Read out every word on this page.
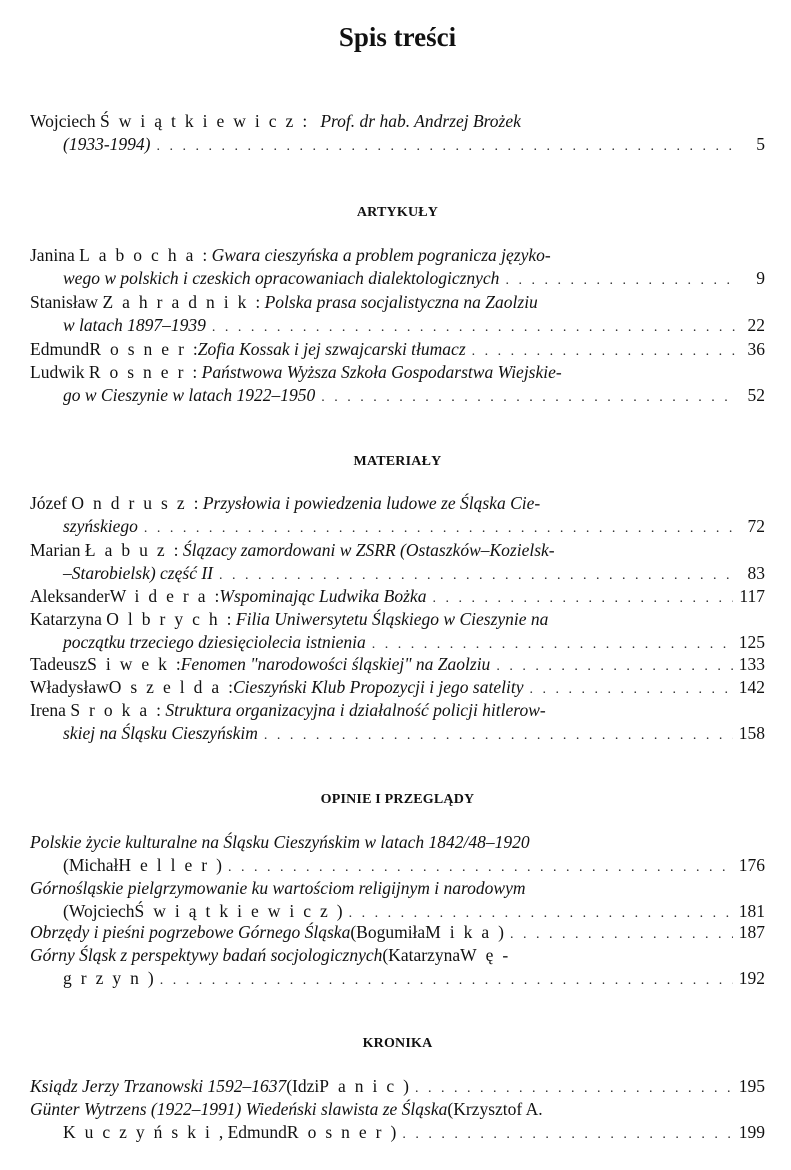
Spis treści
Wojciech Świątkiewicz:   Prof. dr hab. Andrzej Brożek
(1933-1994) . . .	5
ARTYKUŁY
Janina Labocha: Gwara cieszyńska a problem pogranicza języko-
wego w polskich i czeskich opracowaniach dialektologicznych . . .	9
Stanisław Zahradnik: Polska prasa socjalistyczna na Zaolziu
w latach 1897–1939 . . .	22
Edmund Rosner : Zofia Kossak i jej szwajcarski tłumacz . . .	36
Ludwik Rosner: Państwowa Wyższa Szkoła Gospodarstwa Wiejskie-
go w Cieszynie w latach 1922–1950 . . .	52
MATERIAŁY
Józef Ondrusz: Przysłowia i powiedzenia ludowe ze Śląska Cie-
szyńskiego . . .	72
Marian Łabuz: Ślązacy zamordowani w ZSRR (Ostaszków–Kozielsk-
–Starobielsk) część II . . .	83
Aleksander Widera : Wspominając Ludwika Bożka . . .	117
Katarzyna Olbrych: Filia Uniwersytetu Śląskiego w Cieszynie na
początku trzeciego dziesięciolecia istnienia . . .	125
Tadeusz Siwek : Fenomen "narodowości śląskiej" na Zaolziu . . .	133
Władysław Oszelda : Cieszyński Klub Propozycji i jego satelity . . .	142
Irena Sroka: Struktura organizacyjna i działalność policji hitlerow-
skiej na Śląsku Cieszyńskim . . .	158
OPINIE I PRZEGLĄDY
Polskie życie kulturalne na Śląsku Cieszyńskim w latach 1842/48–1920
(Michał Heller ) . . .	176
Górnośląskie pielgrzymowanie ku wartościom religijnym i narodowym
(Wojciech Świątkiewicz ) . . .	181
Obrzędy i pieśni pogrzebowe Górnego Śląska (Bogumiła Mika ) . . .	187
Górny Śląsk z perspektywy badań socjologicznych (Katarzyna Wę-
grzyn ) . . .	192
KRONIKA
Ksiądz Jerzy Trzanowski 1592–1637 (Idzi Panic ) . . .	195
Günter Wytrzens (1922–1991) Wiedeński slawista ze Śląska (Krzysztof A.
Kuczyński , Edmund Rosner ) . . .	199
